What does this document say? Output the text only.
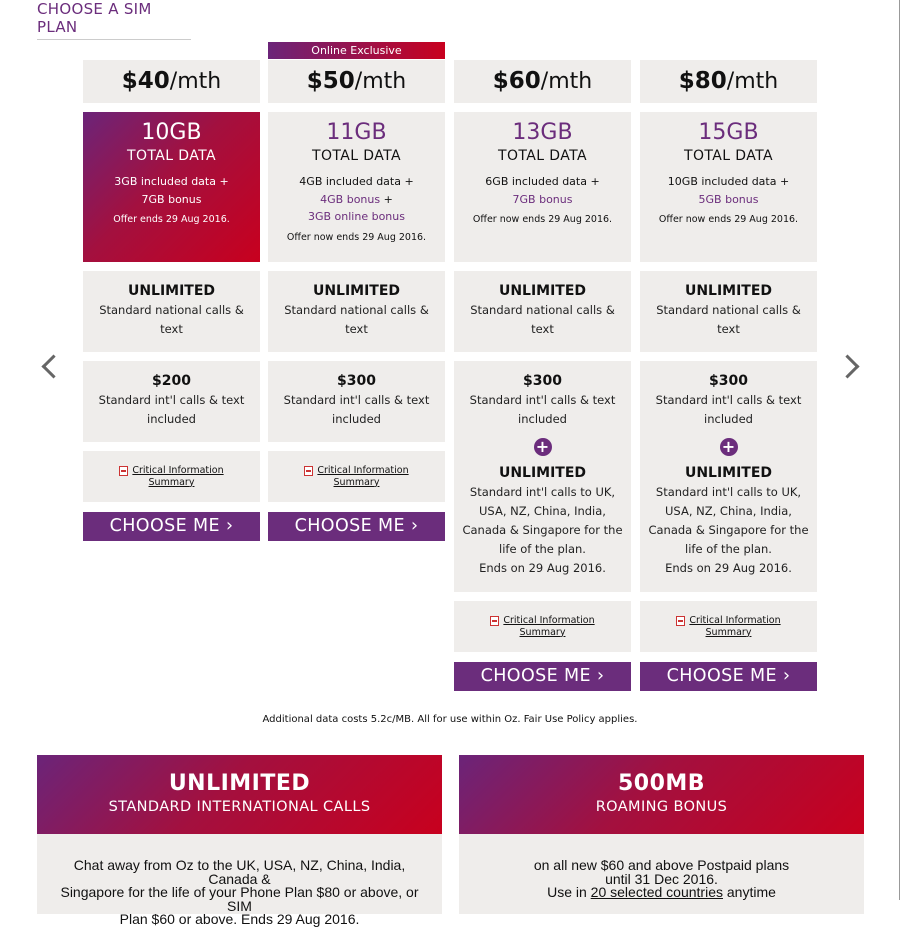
CHOOSE A SIM PLAN
$40/mth
10GB
TOTAL DATA
3GB included data +
7GB bonus
Offer ends 29 Aug 2016.
UNLIMITED
Standard national calls & text
$200
Standard int'l calls & text included
Critical Information
Summary
CHOOSE ME ›
Online Exclusive
$50/mth
11GB
TOTAL DATA
4GB included data +
4GB bonus +
3GB online bonus
Offer now ends 29 Aug 2016.
UNLIMITED
Standard national calls & text
$300
Standard int'l calls & text included
Critical Information
Summary
CHOOSE ME ›
$60/mth
13GB
TOTAL DATA
6GB included data +
7GB bonus
Offer now ends 29 Aug 2016.
UNLIMITED
Standard national calls & text
$300
Standard int'l calls & text included
+
UNLIMITED
Standard int'l calls to UK, USA, NZ, China, India, Canada & Singapore for the life of the plan.
Ends on 29 Aug 2016.
Critical Information
Summary
CHOOSE ME ›
$80/mth
15GB
TOTAL DATA
10GB included data +
5GB bonus
Offer now ends 29 Aug 2016.
UNLIMITED
Standard national calls & text
$300
Standard int'l calls & text included
+
UNLIMITED
Standard int'l calls to UK, USA, NZ, China, India, Canada & Singapore for the life of the plan.
Ends on 29 Aug 2016.
Critical Information
Summary
CHOOSE ME ›
Additional data costs 5.2c/MB. All for use within Oz. Fair Use Policy applies.
UNLIMITED
STANDARD INTERNATIONAL CALLS
Chat away from Oz to the UK, USA, NZ, China, India, Canada &
Singapore for the life of your Phone Plan $80 or above, or SIM
Plan $60 or above. Ends 29 Aug 2016.
500MB
ROAMING BONUS
on all new $60 and above Postpaid plans
until 31 Dec 2016.
Use in 20 selected countries anytime
